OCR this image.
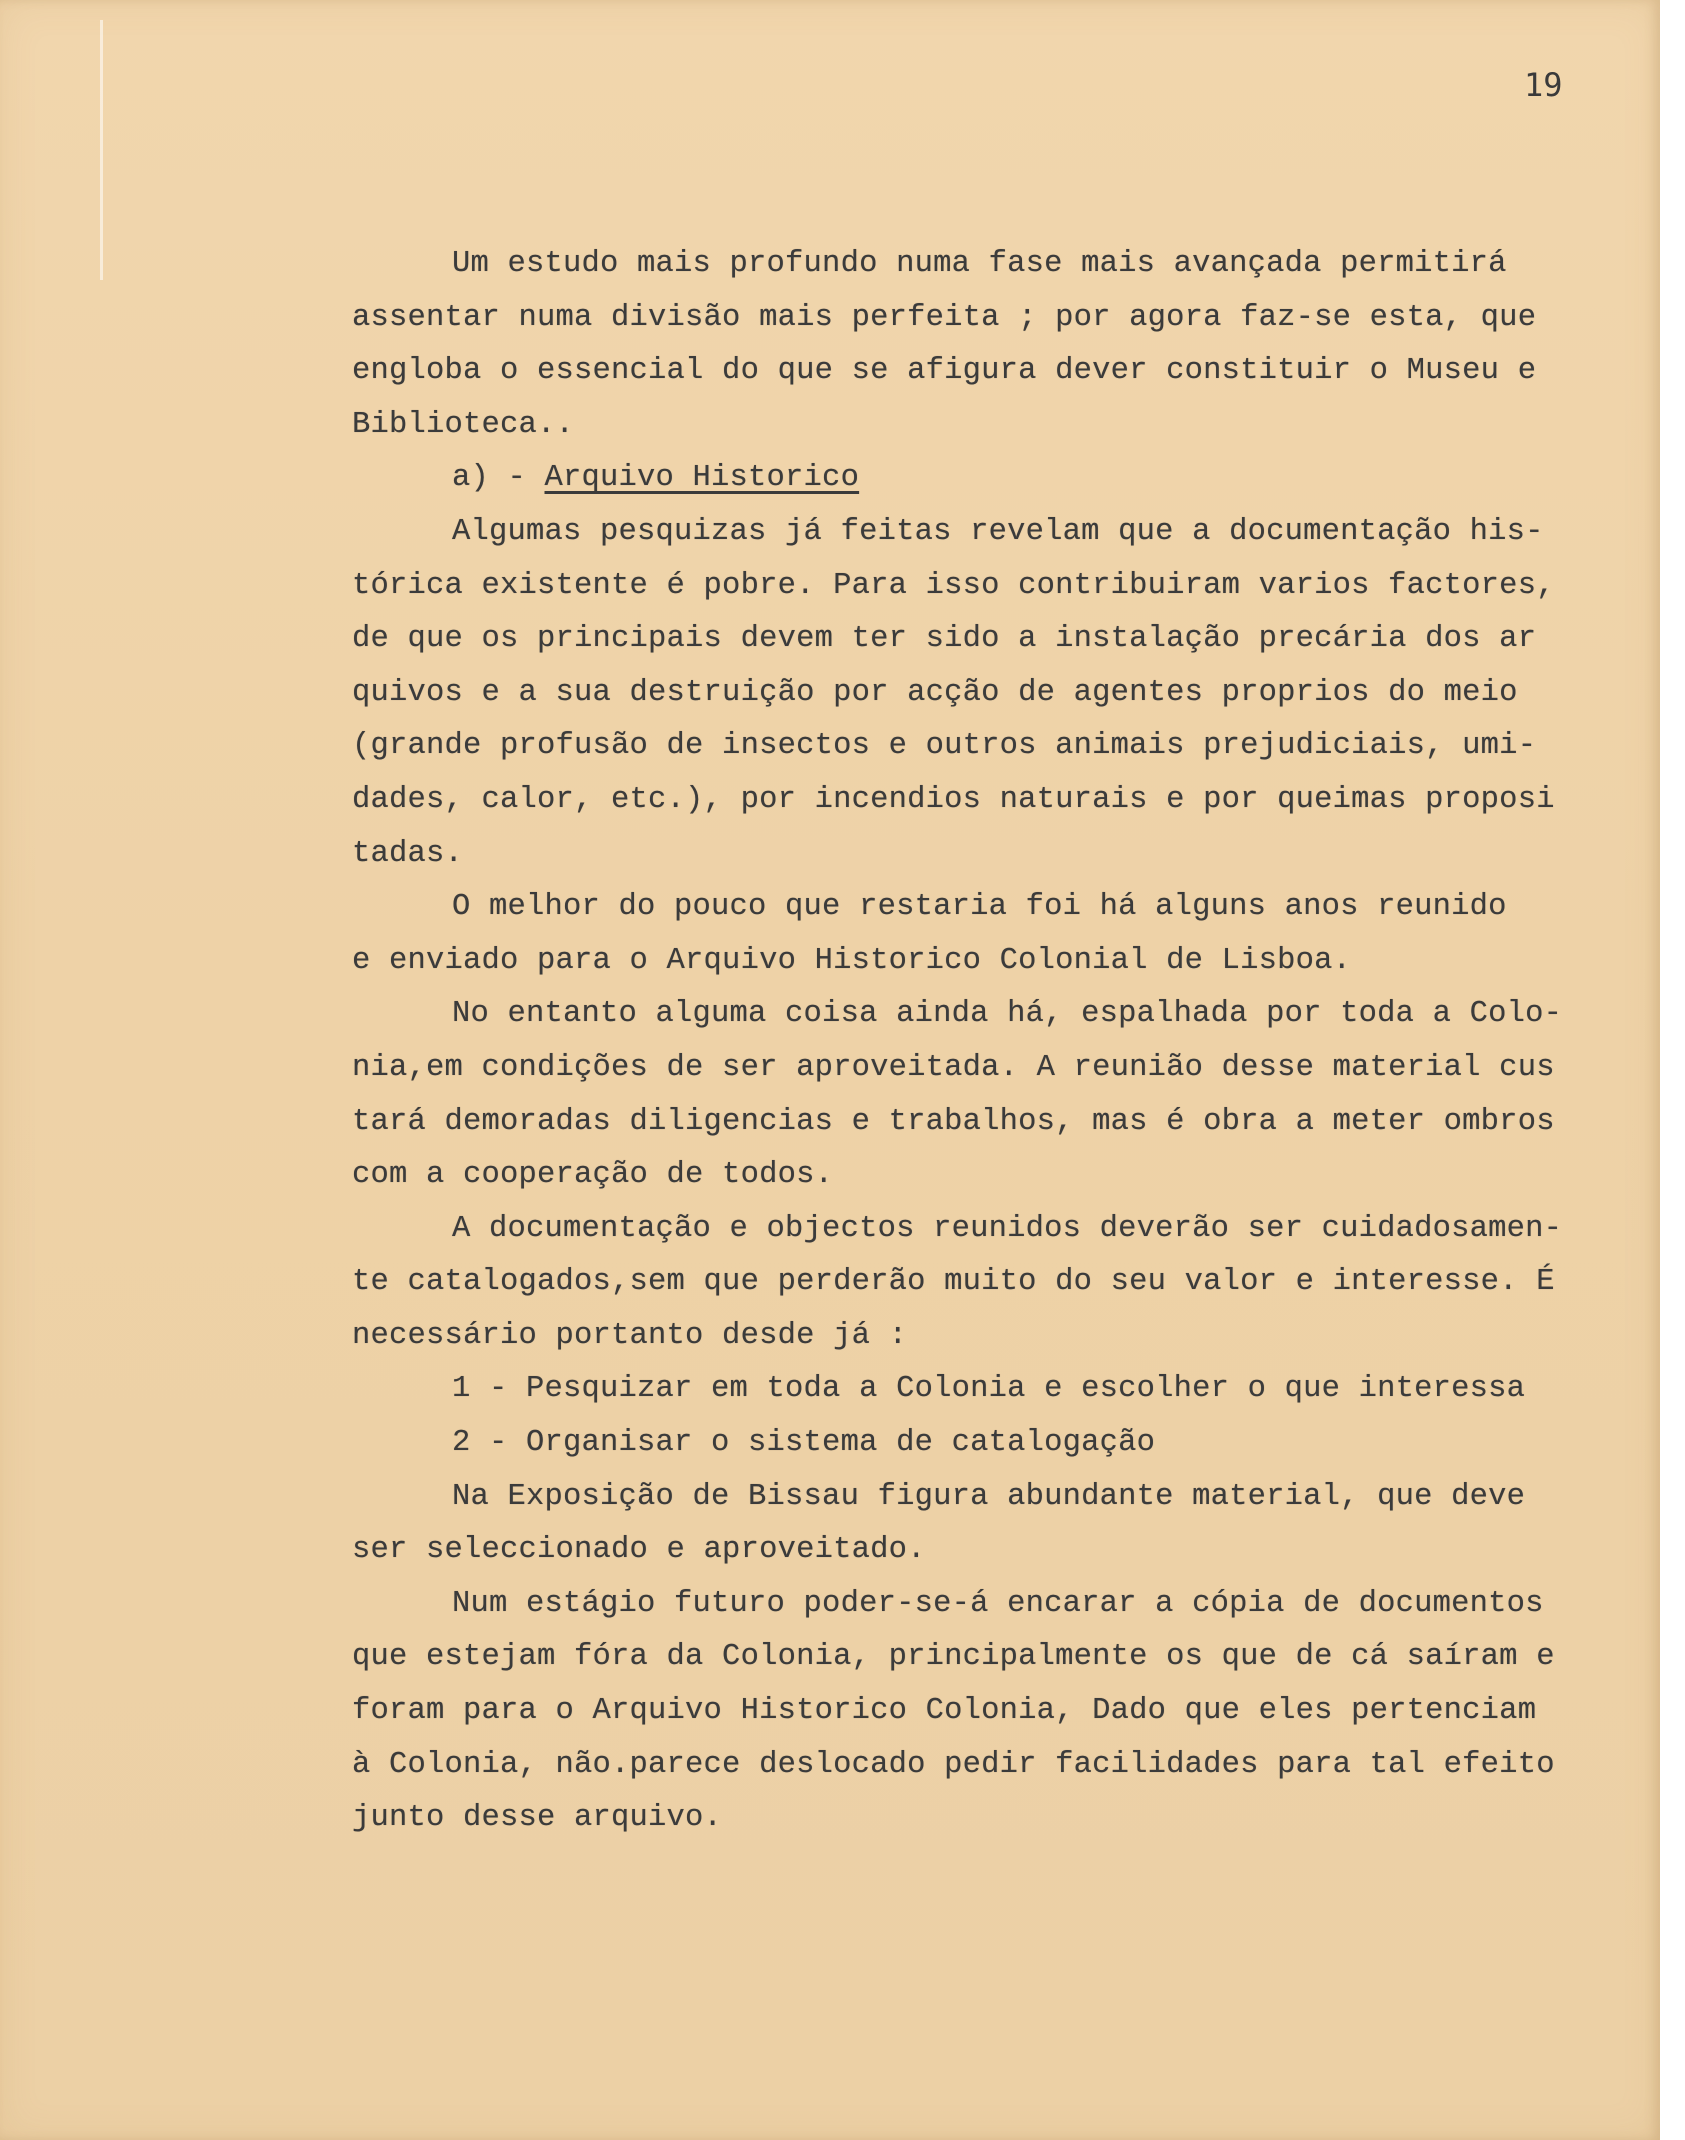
19
Um estudo mais profundo numa fase mais avançada permitirá
assentar numa divisão mais perfeita ; por agora faz-se esta, que
engloba o essencial do que se afigura dever constituir o Museu e
Biblioteca..
a) - Arquivo Historico
Algumas pesquizas já feitas revelam que a documentação his-
tórica existente é pobre. Para isso contribuiram varios factores,
de que os principais devem ter sido a instalação precária dos ar
quivos e a sua destruição por acção de agentes proprios do meio
(grande profusão de insectos e outros animais prejudiciais, umi-
dades, calor, etc.), por incendios naturais e por queimas proposi
tadas.
O melhor do pouco que restaria foi há alguns anos reunido
e enviado para o Arquivo Historico Colonial de Lisboa.
No entanto alguma coisa ainda há, espalhada por toda a Colo-
nia,em condições de ser aproveitada. A reunião desse material cus
tará demoradas diligencias e trabalhos, mas é obra a meter ombros
com a cooperação de todos.
A documentação e objectos reunidos deverão ser cuidadosamen-
te catalogados,sem que perderão muito do seu valor e interesse. É
necessário portanto desde já :
1 - Pesquizar em toda a Colonia e escolher o que interessa
2 - Organisar o sistema de catalogação
Na Exposição de Bissau figura abundante material, que deve
ser seleccionado e aproveitado.
Num estágio futuro poder-se-á encarar a cópia de documentos
que estejam fóra da Colonia, principalmente os que de cá saíram e
foram para o Arquivo Historico Colonia, Dado que eles pertenciam
à Colonia, não.parece deslocado pedir facilidades para tal efeito
junto desse arquivo.
